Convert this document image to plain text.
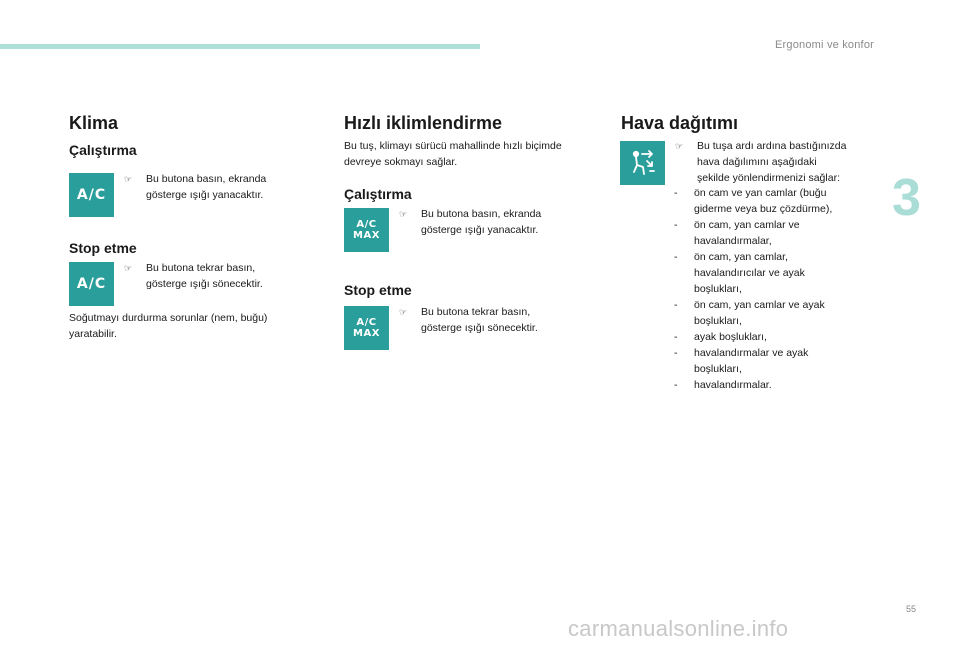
Ergonomi ve konfor
3
Klima
Çalıştırma
A/C
☞ Bu butona basın, ekranda
gösterge ışığı yanacaktır.
Stop etme
A/C
☞ Bu butona tekrar basın,
gösterge ışığı sönecektir.
Soğutmayı durdurma sorunlar (nem, buğu)
yaratabilir.
Hızlı iklimlendirme
Bu tuş, klimayı sürücü mahallinde hızlı biçimde
devreye sokmayı sağlar.
Çalıştırma
A/C
MAX
☞ Bu butona basın, ekranda
gösterge ışığı yanacaktır.
Stop etme
A/C
MAX
☞ Bu butona tekrar basın,
gösterge ışığı sönecektir.
Hava dağıtımı
☞ Bu tuşa ardı ardına bastığınızda
hava dağılımını aşağıdaki
şekilde yönlendirmenizi sağlar:
- ön cam ve yan camlar (buğu
giderme veya buz çözdürme),
- ön cam, yan camlar ve
havalandırmalar,
- ön cam, yan camlar,
havalandırıcılar ve ayak
boşlukları,
- ön cam, yan camlar ve ayak
boşlukları,
- ayak boşlukları,
- havalandırmalar ve ayak
boşlukları,
- havalandırmalar.
55
carmanualsonline.info
